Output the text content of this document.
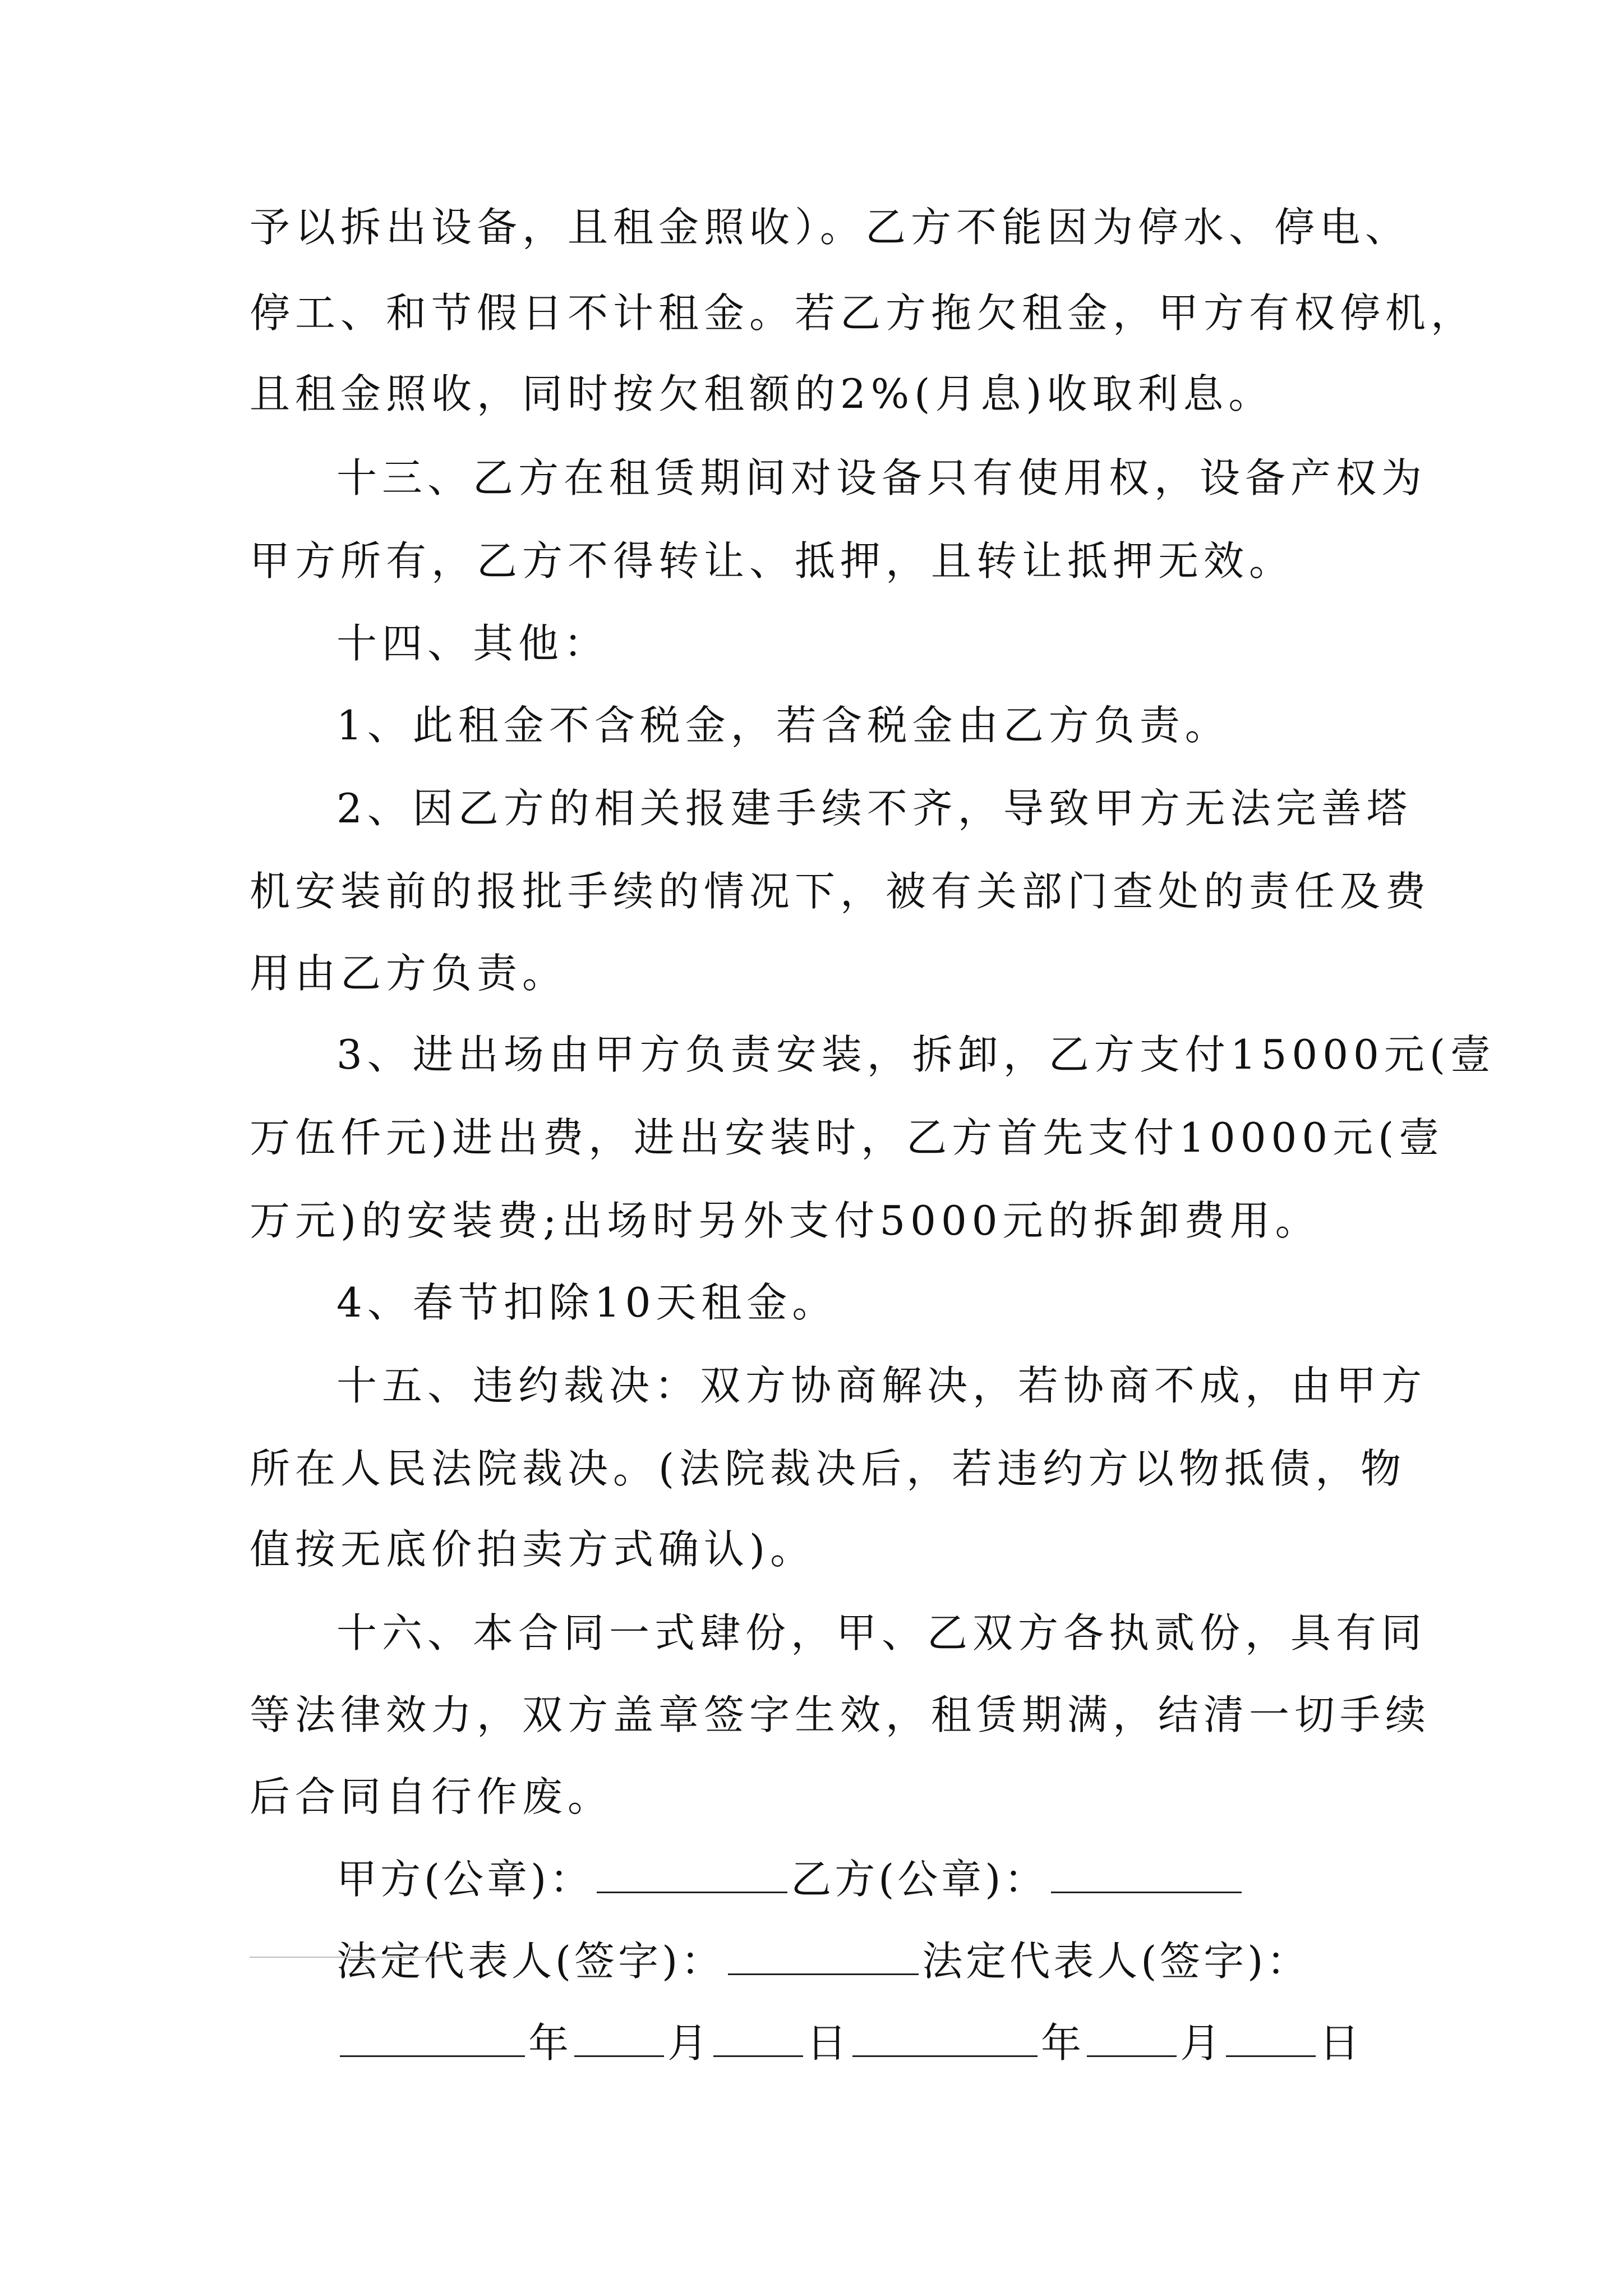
予以拆出设备，且租金照收）。乙方不能因为停水、停电、
停工、和节假日不计租金。若乙方拖欠租金，甲方有权停机，
且租金照收，同时按欠租额的2%(月息)收取利息。
十三、乙方在租赁期间对设备只有使用权，设备产权为
甲方所有，乙方不得转让、抵押，且转让抵押无效。
十四、其他：
1、此租金不含税金，若含税金由乙方负责。
2、因乙方的相关报建手续不齐，导致甲方无法完善塔
机安装前的报批手续的情况下，被有关部门查处的责任及费
用由乙方负责。
3、进出场由甲方负责安装，拆卸，乙方支付15000元(壹
万伍仟元)进出费，进出安装时，乙方首先支付10000元(壹
万元)的安装费;出场时另外支付5000元的拆卸费用。
4、春节扣除10天租金。
十五、违约裁决：双方协商解决，若协商不成，由甲方
所在人民法院裁决。(法院裁决后，若违约方以物抵债，物
值按无底价拍卖方式确认)。
十六、本合同一式肆份，甲、乙双方各执贰份，具有同
等法律效力，双方盖章签字生效，租赁期满，结清一切手续
后合同自行作废。
甲方(公章)：	乙方(公章)：
法定代表人(签字)：	法定代表人(签字)：
年 月 日	年 月 日
